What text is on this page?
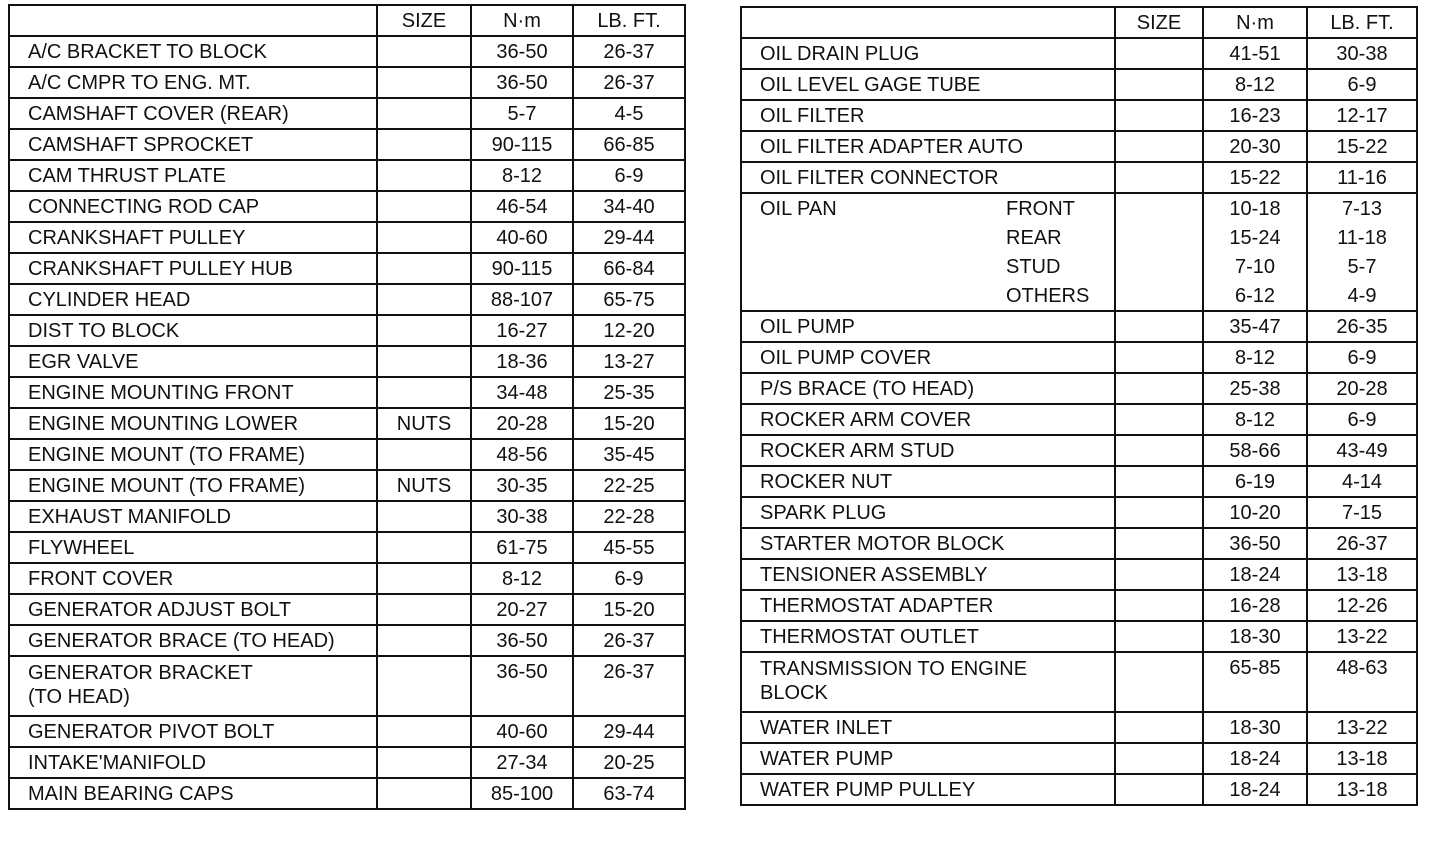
	SIZE	N·m	LB. FT.
A/C BRACKET TO BLOCK		36-50	26-37
A/C CMPR TO ENG. MT.		36-50	26-37
CAMSHAFT COVER (REAR)		5-7	4-5
CAMSHAFT SPROCKET		90-115	66-85
CAM THRUST PLATE		8-12	6-9
CONNECTING ROD CAP		46-54	34-40
CRANKSHAFT PULLEY		40-60	29-44
CRANKSHAFT PULLEY HUB		90-115	66-84
CYLINDER HEAD		88-107	65-75
DIST TO BLOCK		16-27	12-20
EGR VALVE		18-36	13-27
ENGINE MOUNTING FRONT		34-48	25-35
ENGINE MOUNTING LOWER	NUTS	20-28	15-20
ENGINE MOUNT (TO FRAME)		48-56	35-45
ENGINE MOUNT (TO FRAME)	NUTS	30-35	22-25
EXHAUST MANIFOLD		30-38	22-28
FLYWHEEL		61-75	45-55
FRONT COVER		8-12	6-9
GENERATOR ADJUST BOLT		20-27	15-20
GENERATOR BRACE (TO HEAD)		36-50	26-37
GENERATOR BRACKET
(TO HEAD)		36-50	26-37
GENERATOR PIVOT BOLT		40-60	29-44
INTAKE'MANIFOLD		27-34	20-25
MAIN BEARING CAPS		85-100	63-74
	SIZE	N·m	LB. FT.
OIL DRAIN PLUG		41-51	30-38
OIL LEVEL GAGE TUBE		8-12	6-9
OIL FILTER		16-23	12-17
OIL FILTER ADAPTER AUTO		20-30	15-22
OIL FILTER CONNECTOR		15-22	11-16
OIL PAN FRONT		10-18	7-13

REAR		15-24	11-18

STUD		7-10	5-7

OTHERS		6-12	4-9
OIL PUMP		35-47	26-35
OIL PUMP COVER		8-12	6-9
P/S BRACE (TO HEAD)		25-38	20-28
ROCKER ARM COVER		8-12	6-9
ROCKER ARM STUD		58-66	43-49
ROCKER NUT		6-19	4-14
SPARK PLUG		10-20	7-15
STARTER MOTOR BLOCK		36-50	26-37
TENSIONER ASSEMBLY		18-24	13-18
THERMOSTAT ADAPTER		16-28	12-26
THERMOSTAT OUTLET		18-30	13-22
TRANSMISSION TO ENGINE
BLOCK		65-85	48-63
WATER INLET		18-30	13-22
WATER PUMP		18-24	13-18
WATER PUMP PULLEY		18-24	13-18
